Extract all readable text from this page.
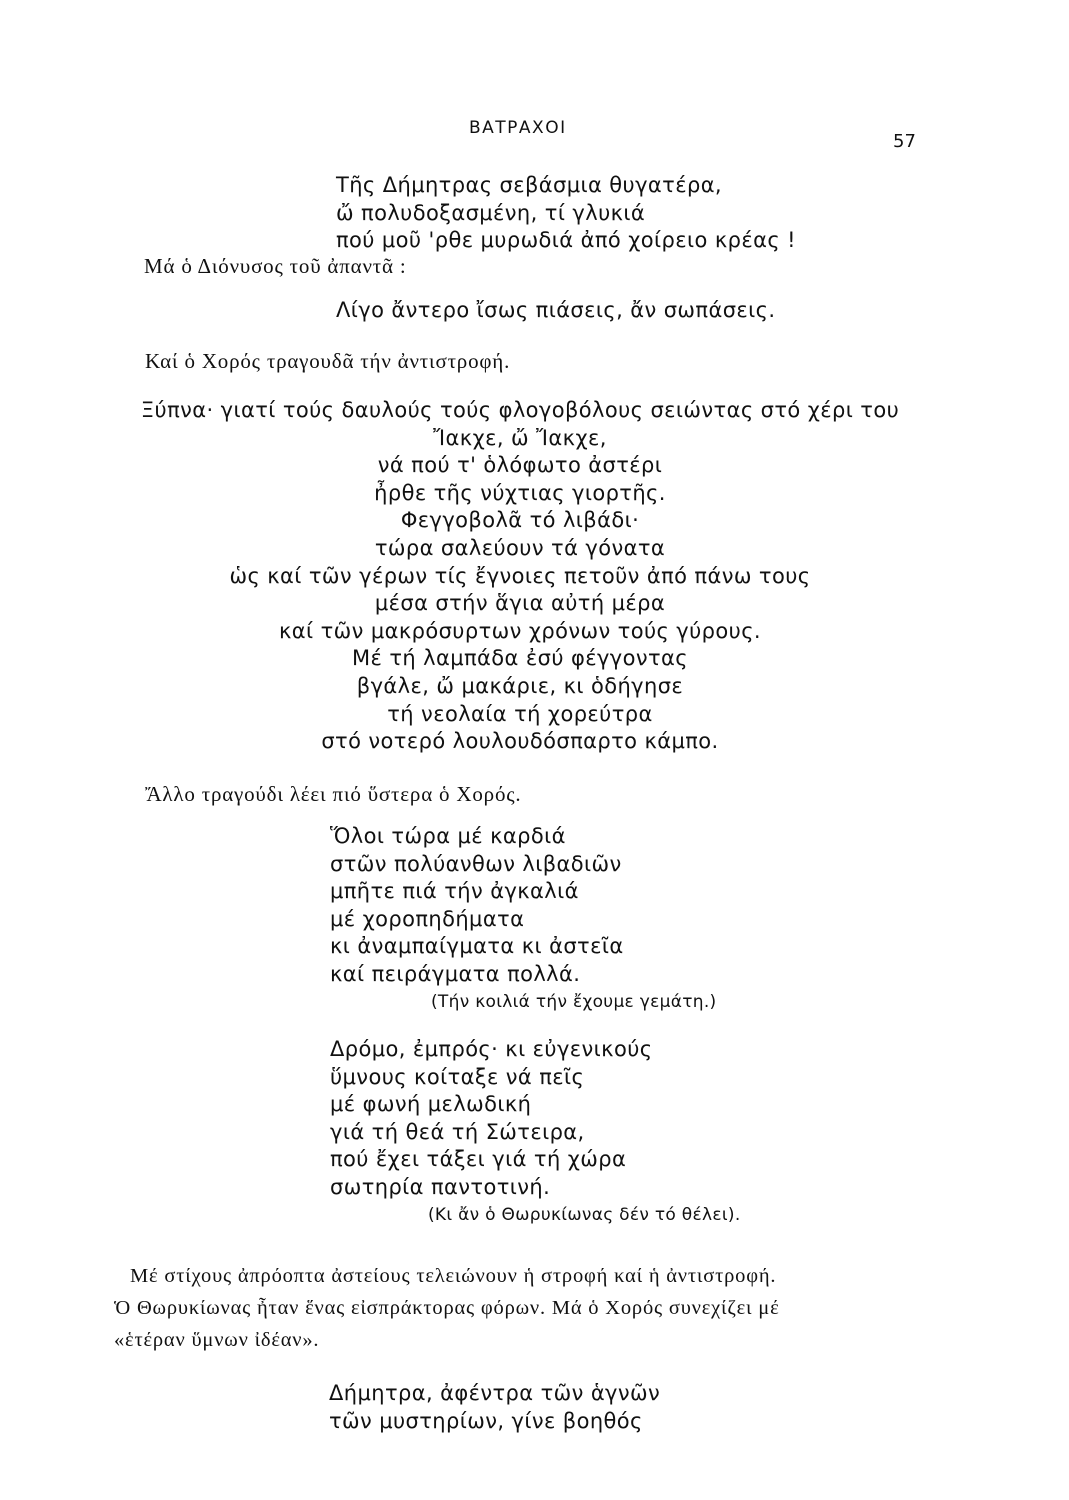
ΒΑΤΡΑΧΟΙ
57
Τῆς Δήμητρας σεβάσμια θυγατέρα,
ὤ πολυδοξασμένη, τί γλυκιά
πού μοῦ 'ρθε μυρωδιά ἀπό χοίρειο κρέας !
Μά ὁ Διόνυσος τοῦ ἀπαντᾶ :
Λίγο ἄντερο ἴσως πιάσεις, ἄν σωπάσεις.
Καί ὁ Χορός τραγουδᾶ τήν ἀντιστροφή.
Ξύπνα· γιατί τούς δαυλούς τούς φλογοβόλους σειώντας στό χέρι του
Ἴακχε, ὤ Ἴακχε,
νά πού τ' ὁλόφωτο ἀστέρι
ἦρθε τῆς νύχτιας γιορτῆς.
Φεγγοβολᾶ τό λιβάδι·
τώρα σαλεύουν τά γόνατα
ὡς καί τῶν γέρων τίς ἔγνοιες πετοῦν ἀπό πάνω τους
μέσα στήν ἅγια αὐτή μέρα
καί τῶν μακρόσυρτων χρόνων τούς γύρους.
Μέ τή λαμπάδα ἐσύ φέγγοντας
βγάλε, ὤ μακάριε, κι ὁδήγησε
τή νεολαία τή χορεύτρα
στό νοτερό λουλουδόσπαρτο κάμπο.
Ἄλλο τραγούδι λέει πιό ὕστερα ὁ Χορός.
Ὅλοι τώρα μέ καρδιά
στῶν πολύανθων λιβαδιῶν
μπῆτε πιά τήν ἀγκαλιά
μέ χοροπηδήματα
κι ἀναμπαίγματα κι ἀστεῖα
καί πειράγματα πολλά.
(Τήν κοιλιά τήν ἔχουμε γεμάτη.)
Δρόμο, ἐμπρός· κι εὐγενικούς
ὕμνους κοίταξε νά πεῖς
μέ φωνή μελωδική
γιά τή θεά τή Σώτειρα,
πού ἔχει τάξει γιά τή χώρα
σωτηρία παντοτινή.
(Κι ἄν ὁ Θωρυκίωνας δέν τό θέλει).
Μέ στίχους ἀπρόοπτα ἀστείους τελειώνουν ἡ στροφή καί ἡ ἀντιστροφή.
Ὁ Θωρυκίωνας ἦταν ἕνας εἰσπράκτορας φόρων. Μά ὁ Χορός συνεχίζει μέ
«ἑτέραν ὕμνων ἰδέαν».
Δήμητρα, ἀφέντρα τῶν ἁγνῶν
τῶν μυστηρίων, γίνε βοηθός
